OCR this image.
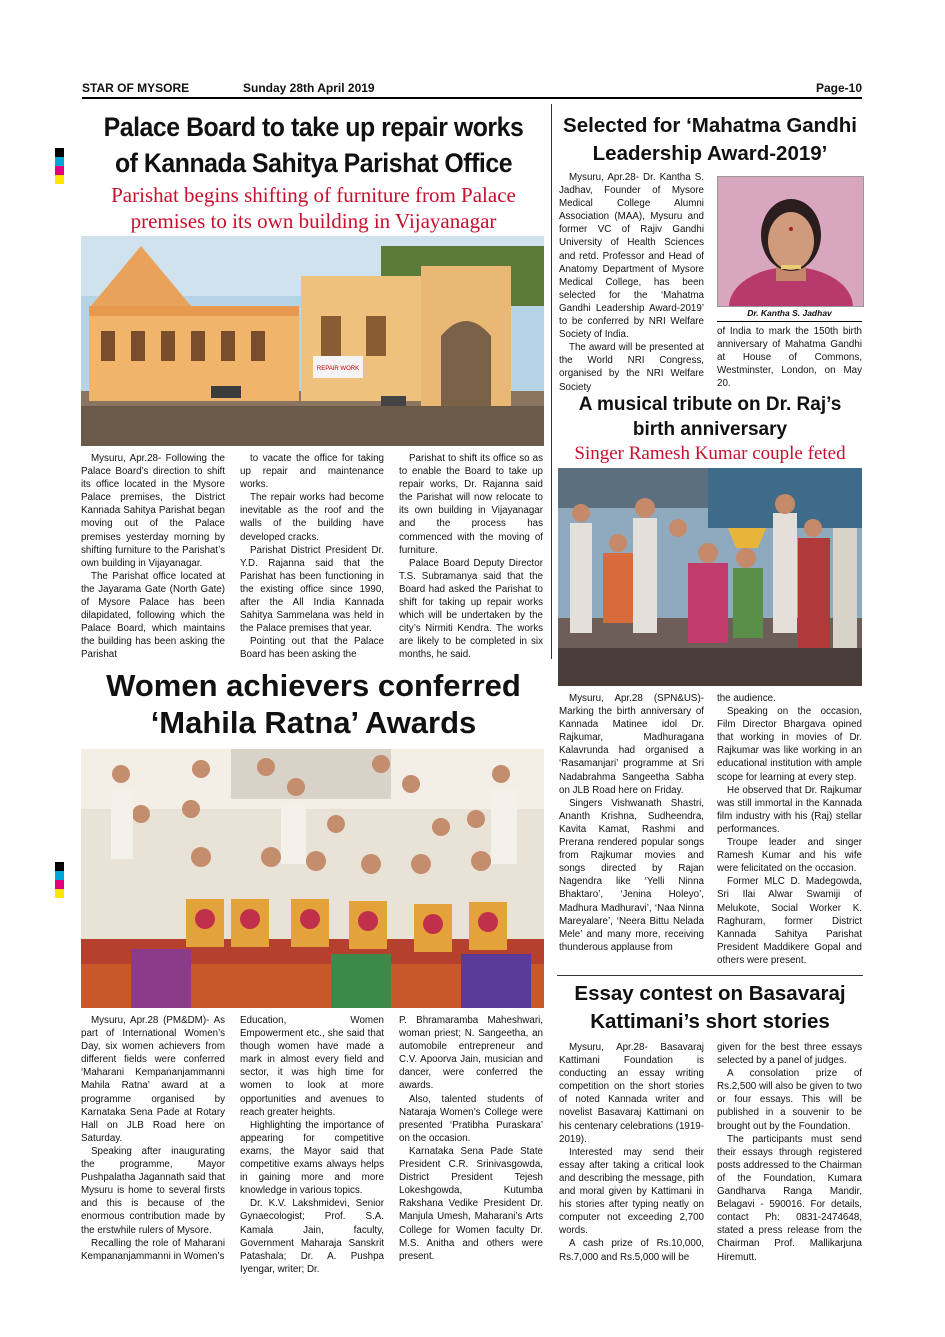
STAR OF MYSORE	Sunday 28th April 2019	Page-10
Palace Board to take up repair works
of Kannada Sahitya Parishat Office
Parishat begins shifting of furniture from Palace
premises to its own building in Vijayanagar
REPAIR WORK

Mysuru, Apr.28- Following the Palace Board’s direction to shift its office located in the Mysore Palace premises, the District Kannada Sahitya Parishat began moving out of the Palace premises yesterday morning by shifting furniture to the Parishat’s own building in Vijayanagar.

The Parishat office located at the Jayarama Gate (North Gate) of Mysore Palace has been dilapidated, following which the Palace Board, which maintains the building has been asking the Parishat

to vacate the office for taking up repair and maintenance works.

The repair works had become inevitable as the roof and the walls of the building have developed cracks.

Parishat District President Dr. Y.D. Rajanna said that the Parishat has been functioning in the existing office since 1990, after the All India Kannada Sahitya Sammelana was held in the Palace premises that year.

Pointing out that the Palace Board has been asking the

Parishat to shift its office so as to enable the Board to take up repair works, Dr. Rajanna said the Parishat will now relocate to its own building in Vijayanagar and the process has commenced with the moving of furniture.

Palace Board Deputy Director T.S. Subramanya said that the Board had asked the Parishat to shift for taking up repair works which will be undertaken by the city’s Nirmiti Kendra. The works are likely to be completed in six months, he said.

Selected for ‘Mahatma Gandhi
Leadership Award-2019’

Mysuru, Apr.28- Dr. Kantha S. Jadhav, Founder of Mysore Medical College Alumni Association (MAA), Mysuru and former VC of Rajiv Gandhi University of Health Sciences and retd. Professor and Head of Anatomy Department of Mysore Medical College, has been selected for the ‘Mahatma Gandhi Leadership Award-2019’ to be conferred by NRI Welfare Society of India.

The award will be presented at the World NRI Congress, organised by the NRI Welfare Society

Dr. Kantha S. Jadhav

of India to mark the 150th birth anniversary of Mahatma Gandhi at House of Commons, Westminster, London, on May 20.

A musical tribute on Dr. Raj’s
birth anniversary
Singer Ramesh Kumar couple feted

Mysuru, Apr.28 (SPN&US)- Marking the birth anniversary of Kannada Matinee idol Dr. Rajkumar, Madhuragana Kalavrunda had organised a ‘Rasamanjari’ programme at Sri Nadabrahma Sangeetha Sabha on JLB Road here on Friday.

Singers Vishwanath Shastri, Ananth Krishna, Sudheendra, Kavita Kamat, Rashmi and Prerana rendered popular songs from Rajkumar movies and songs directed by Rajan Nagendra like ‘Yelli Ninna Bhaktaro’, ‘Jenina Holeyo’, Madhura Madhuravi’, ‘Naa Ninna Mareyalare’, ‘Neera Bittu Nelada Mele’ and many more, receiving thunderous applause from

the audience.

Speaking on the occasion, Film Director Bhargava opined that working in movies of Dr. Rajkumar was like working in an educational institution with ample scope for learning at every step.

He observed that Dr. Rajkumar was still immortal in the Kannada film industry with his (Raj) stellar performances.

Troupe leader and singer Ramesh Kumar and his wife were felicitated on the occasion.

Former MLC D. Madegowda, Sri Ilai Alwar Swamiji of Melukote, Social Worker K. Raghuram, former District Kannada Sahitya Parishat President Maddikere Gopal and others were present.

Women achievers conferred
‘Mahila Ratna’ Awards

Mysuru, Apr.28 (PM&DM)- As part of International Women’s Day, six women achievers from different fields were conferred ‘Maharani Kempananjammanni Mahila Ratna’ award at a programme organised by Karnataka Sena Pade at Rotary Hall on JLB Road here on Saturday.

Speaking after inaugurating the programme, Mayor Pushpalatha Jagannath said that Mysuru is home to several firsts and this is because of the enormous contribution made by the erstwhile rulers of Mysore.

Recalling the role of Maharani Kempananjammanni in Women’s

Education, Women Empowerment etc., she said that though women have made a mark in almost every field and sector, it was high time for women to look at more opportunities and avenues to reach greater heights.

Highlighting the importance of appearing for competitive exams, the Mayor said that competitive exams always helps in gaining more and more knowledge in various topics.

Dr. K.V. Lakshmidevi, Senior Gynaecologist; Prof. S.A. Kamala Jain, faculty, Government Maharaja Sanskrit Patashala; Dr. A. Pushpa Iyengar, writer; Dr.

P. Bhramaramba Maheshwari, woman priest; N. Sangeetha, an automobile entrepreneur and C.V. Apoorva Jain, musician and dancer, were conferred the awards.

Also, talented students of Nataraja Women’s College were presented ‘Pratibha Puraskara’ on the occasion.

Karnataka Sena Pade State President C.R. Srinivasgowda, District President Tejesh Lokeshgowda, Kutumba Rakshana Vedike President Dr. Manjula Umesh, Maharani’s Arts College for Women faculty Dr. M.S. Anitha and others were present.

Essay contest on Basavaraj
Kattimani’s short stories

Mysuru, Apr.28- Basavaraj Kattimani Foundation is conducting an essay writing competition on the short stories of noted Kannada writer and novelist Basavaraj Kattimani on his centenary celebrations (1919-2019).

Interested may send their essay after taking a critical look and describing the message, pith and moral given by Kattimani in his stories after typing neatly on computer not exceeding 2,700 words.

A cash prize of Rs.10,000, Rs.7,000 and Rs.5,000 will be

given for the best three essays selected by a panel of judges.

A consolation prize of Rs.2,500 will also be given to two or four essays. This will be published in a souvenir to be brought out by the Foundation.

The participants must send their essays through registered posts addressed to the Chairman of the Foundation, Kumara Gandharva Ranga Mandir, Belagavi - 590016. For details, contact Ph: 0831-2474648, stated a press release from the Chairman Prof. Mallikarjuna Hiremutt.
